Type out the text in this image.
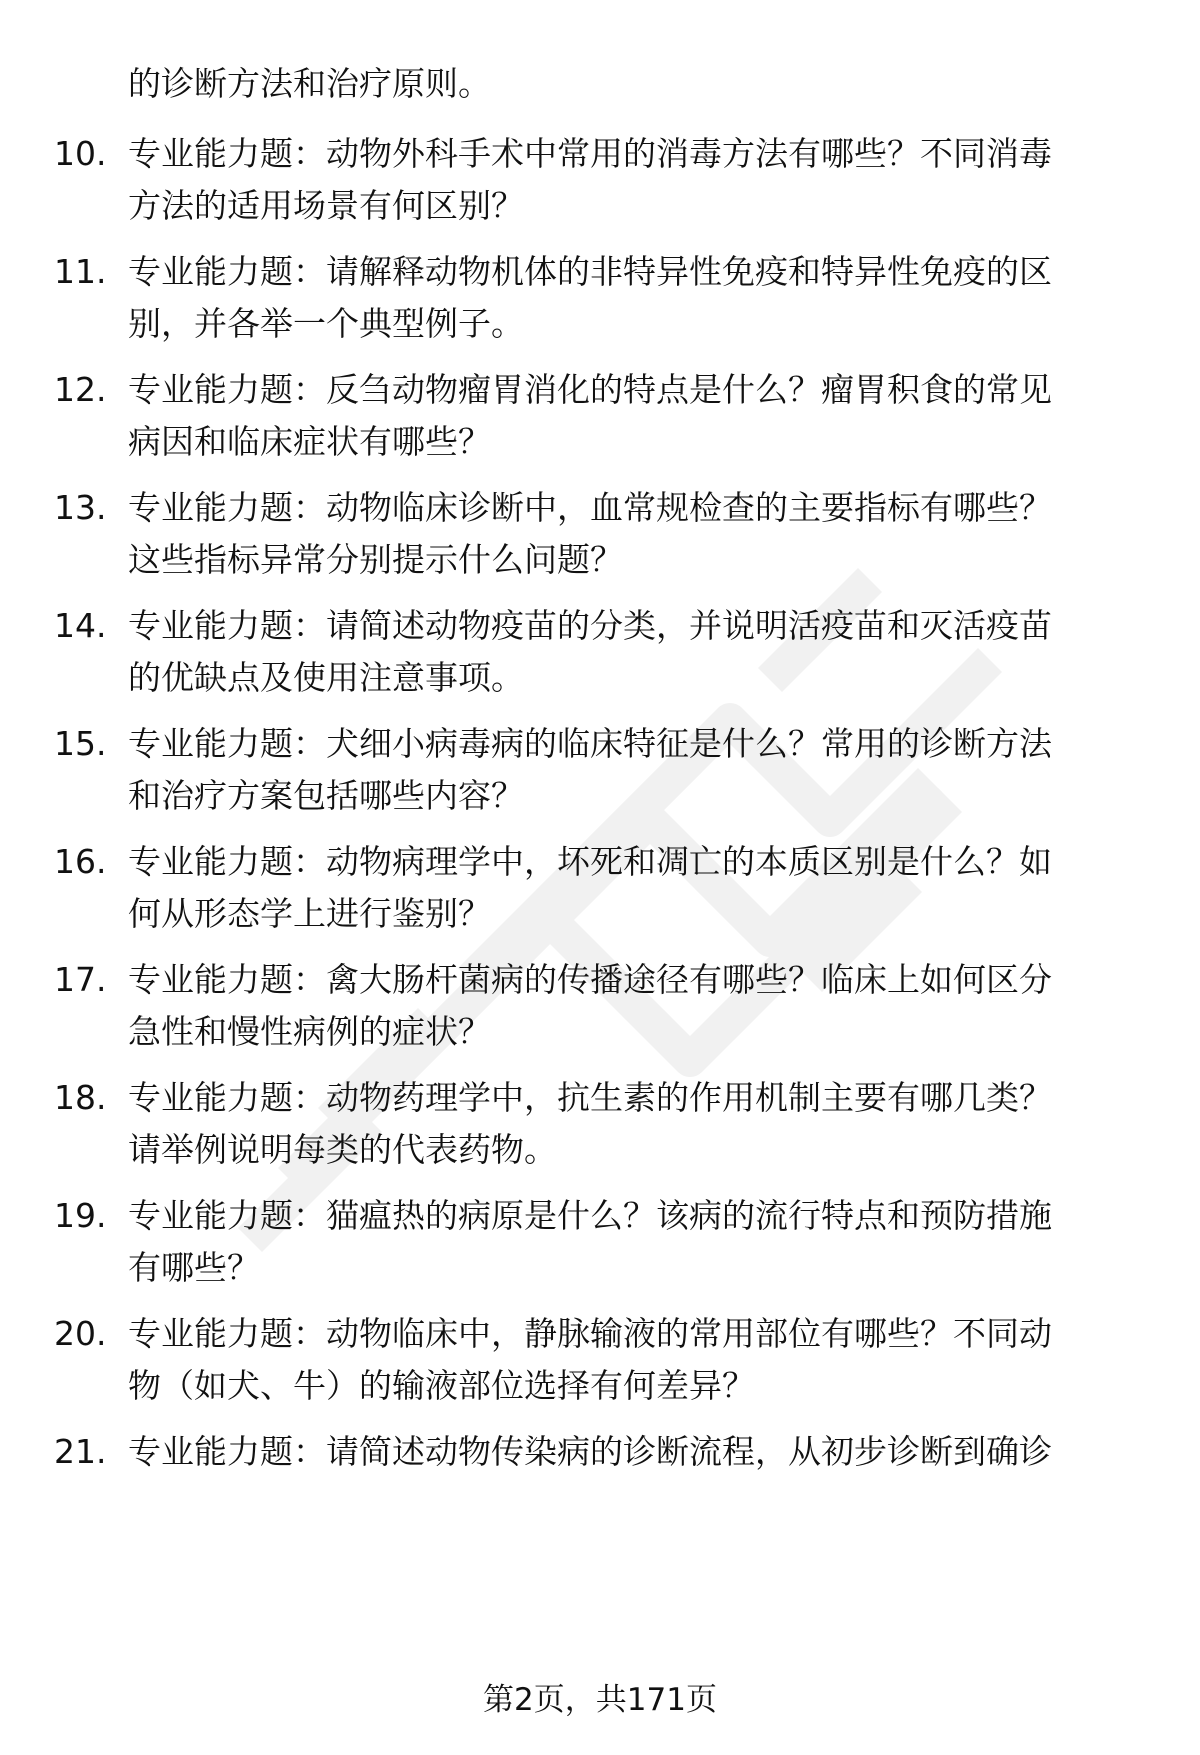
的诊断方法和治疗原则。
10. 专业能力题：动物外科手术中常用的消毒方法有哪些？不同消毒
方法的适用场景有何区别？
11. 专业能力题：请解释动物机体的非特异性免疫和特异性免疫的区
别，并各举一个典型例子。
12. 专业能力题：反刍动物瘤胃消化的特点是什么？瘤胃积食的常见
病因和临床症状有哪些？
13. 专业能力题：动物临床诊断中，血常规检查的主要指标有哪些？
这些指标异常分别提示什么问题？
14. 专业能力题：请简述动物疫苗的分类，并说明活疫苗和灭活疫苗
的优缺点及使用注意事项。
15. 专业能力题：犬细小病毒病的临床特征是什么？常用的诊断方法
和治疗方案包括哪些内容？
16. 专业能力题：动物病理学中，坏死和凋亡的本质区别是什么？如
何从形态学上进行鉴别？
17. 专业能力题：禽大肠杆菌病的传播途径有哪些？临床上如何区分
急性和慢性病例的症状？
18. 专业能力题：动物药理学中，抗生素的作用机制主要有哪几类？
请举例说明每类的代表药物。
19. 专业能力题：猫瘟热的病原是什么？该病的流行特点和预防措施
有哪些？
20. 专业能力题：动物临床中，静脉输液的常用部位有哪些？不同动
物（如犬、牛）的输液部位选择有何差异？
21. 专业能力题：请简述动物传染病的诊断流程，从初步诊断到确诊
第2页，共171页
